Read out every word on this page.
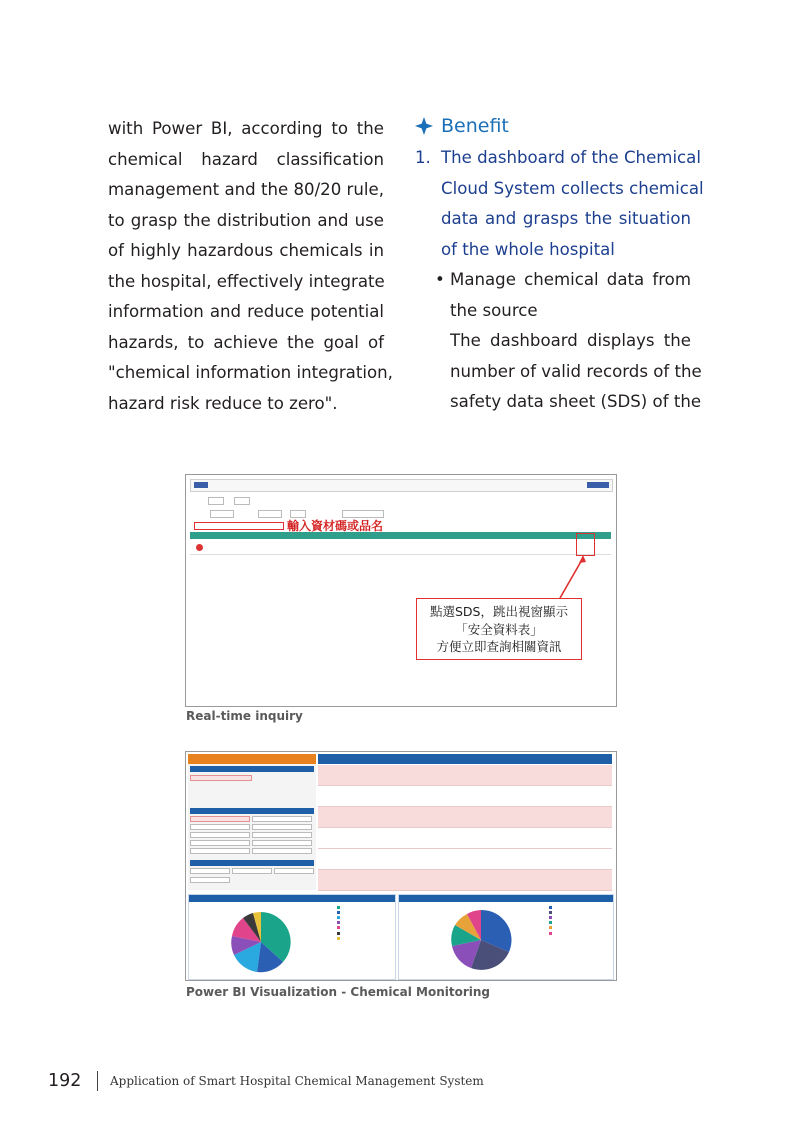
with Power BI, according to the
chemical hazard classification
management and the 80/20 rule,
to grasp the distribution and use
of highly hazardous chemicals in
the hospital, effectively integrate
information and reduce potential
hazards, to achieve the goal of
"chemical information integration,
hazard risk reduce to zero".

Benefit
1. The dashboard of the Chemical
Cloud System collects chemical
data and grasps the situation
of the whole hospital
• Manage chemical data from
the source
The dashboard displays the
number of valid records of the
safety data sheet (SDS) of the
輸入資材碼或品名
點選SDS，跳出視窗顯示
「安全資料表」
方便立即查詢相關資訊
Real-time inquiry
Power BI Visualization - Chemical Monitoring
192 Application of Smart Hospital Chemical Management System
